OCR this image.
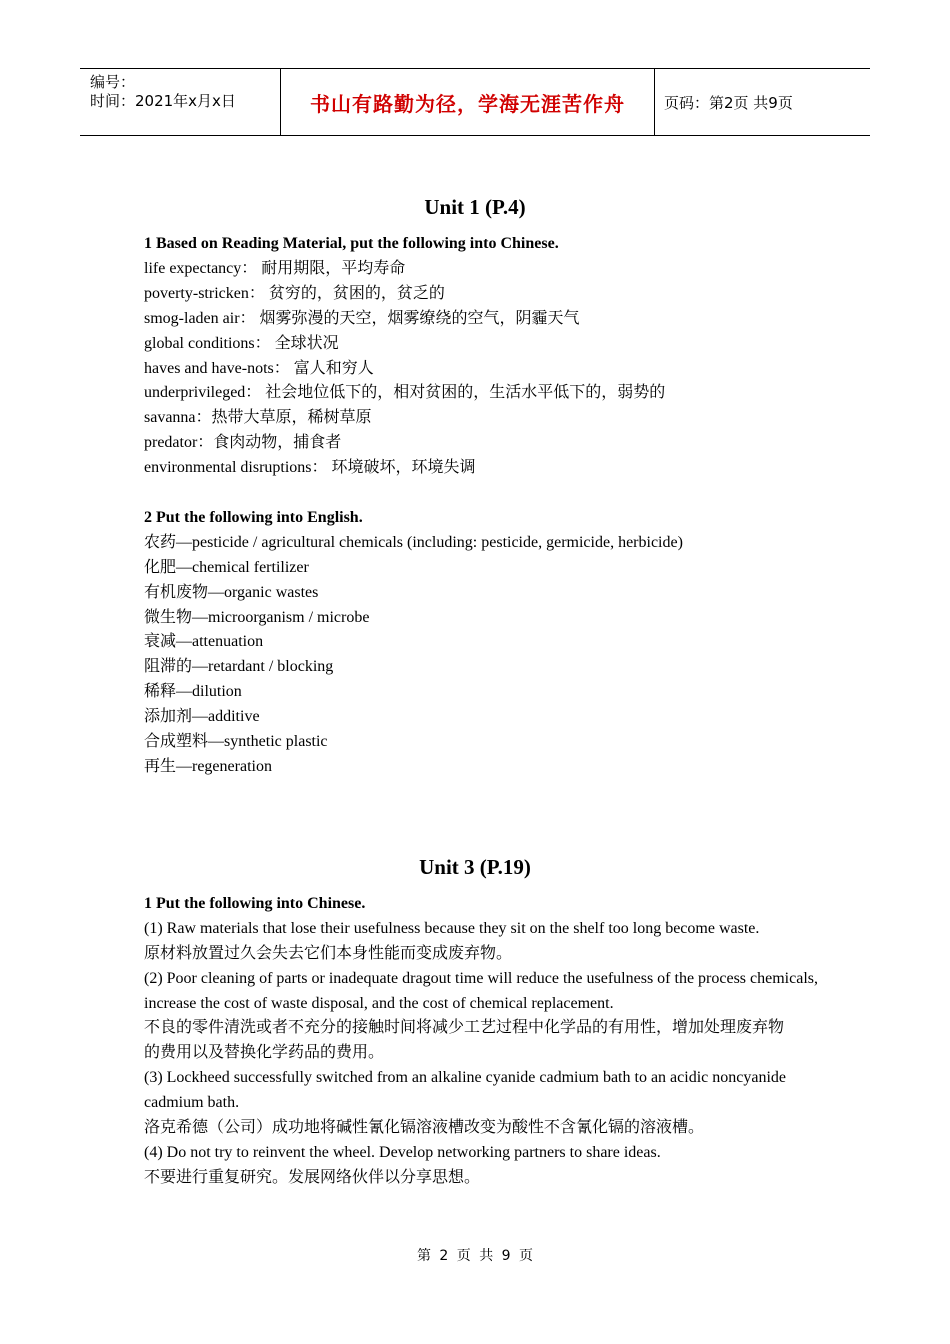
编号：
时间：2021年x月x日	书山有路勤为径，学海无涯苦作舟	页码：第2页 共9页
Unit 1 (P.4)

1 Based on Reading Material, put the following into Chinese.

life expectancy： 耐用期限，平均寿命

poverty-stricken： 贫穷的，贫困的，贫乏的

smog-laden air： 烟雾弥漫的天空，烟雾缭绕的空气，阴霾天气

global conditions： 全球状况

haves and have-nots： 富人和穷人

underprivileged： 社会地位低下的，相对贫困的，生活水平低下的，弱势的

savanna：热带大草原，稀树草原

predator：食肉动物，捕食者

environmental disruptions： 环境破坏，环境失调

2 Put the following into English.

农药—pesticide / agricultural chemicals (including: pesticide, germicide, herbicide)

化肥—chemical fertilizer

有机废物—organic wastes

微生物—microorganism / microbe

衰减—attenuation

阻滞的—retardant / blocking

稀释—dilution

添加剂—additive

合成塑料—synthetic plastic

再生—regeneration

Unit 3 (P.19)

1 Put the following into Chinese.

(1) Raw materials that lose their usefulness because they sit on the shelf too long become waste.

原材料放置过久会失去它们本身性能而变成废弃物。

(2) Poor cleaning of parts or inadequate dragout time will reduce the usefulness of the process chemicals, increase the cost of waste disposal, and the cost of chemical replacement.

不良的零件清洗或者不充分的接触时间将减少工艺过程中化学品的有用性，增加处理废弃物

的费用以及替换化学药品的费用。

(3) Lockheed successfully switched from an alkaline cyanide cadmium bath to an acidic noncyanide cadmium bath.

洛克希德（公司）成功地将碱性氰化镉溶液槽改变为酸性不含氰化镉的溶液槽。

(4) Do not try to reinvent the wheel. Develop networking partners to share ideas.

不要进行重复研究。发展网络伙伴以分享思想。

第 2 页 共 9 页
